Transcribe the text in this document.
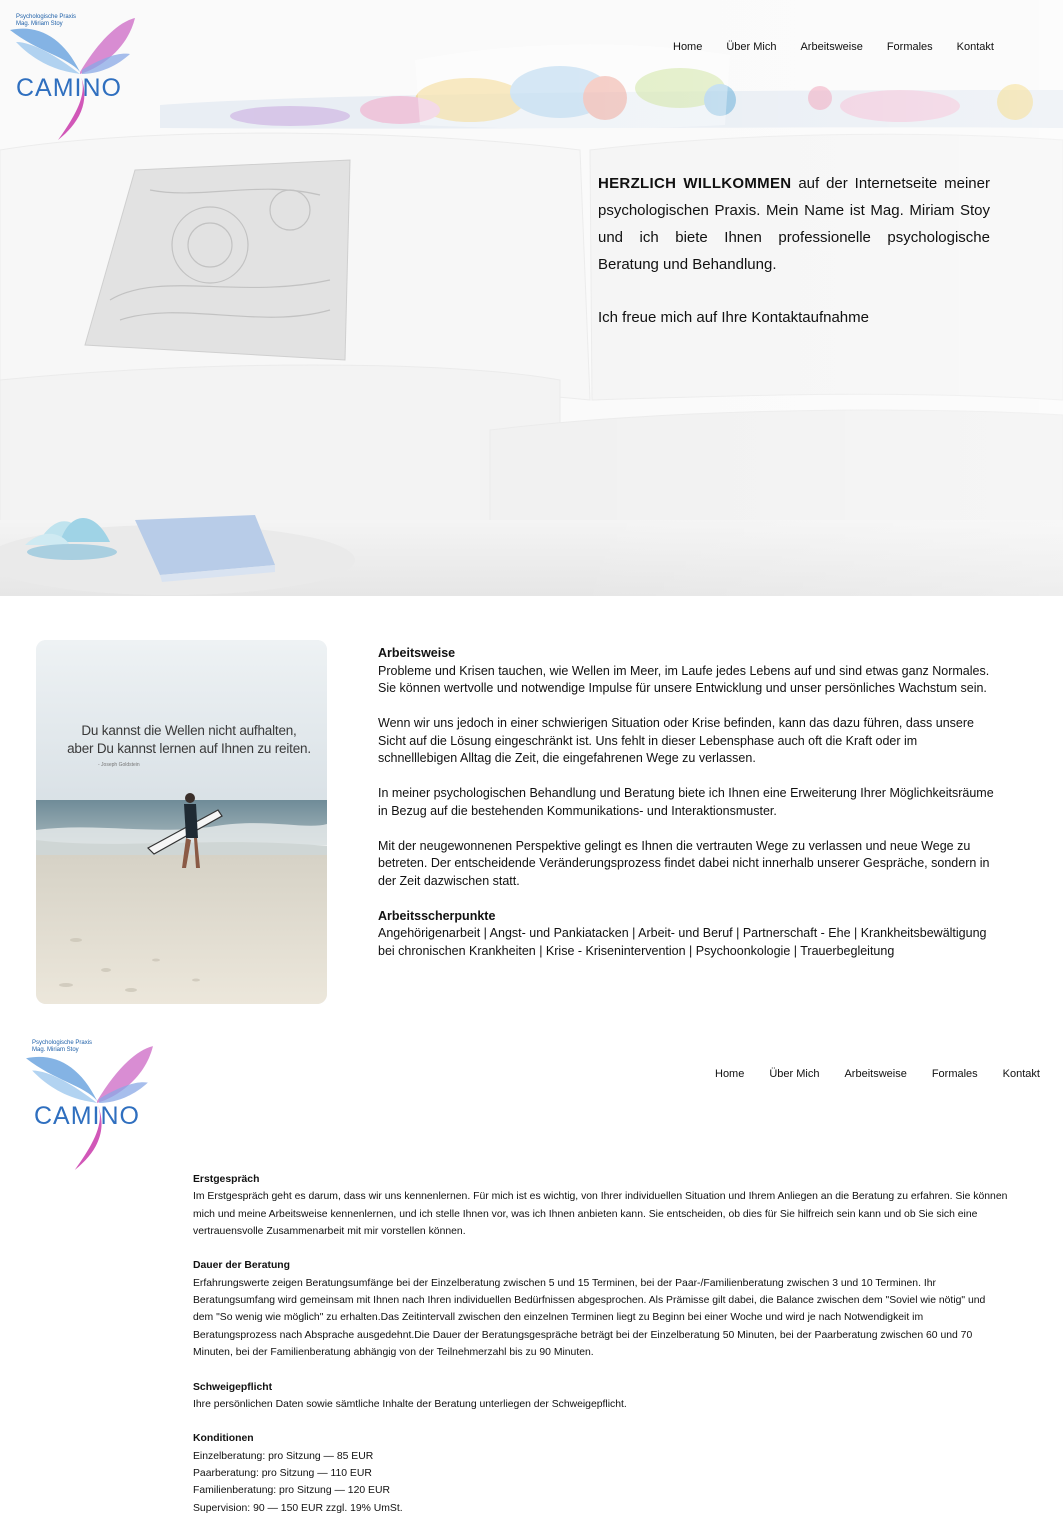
Psychologische Praxis
Mag. Miriam Stoy
CAMINO
Home Über Mich Arbeitsweise Formales Kontakt

HERZLICH WILLKOMMEN auf der Internetseite meiner psychologischen Praxis. Mein Name ist Mag. Miriam Stoy und ich biete Ihnen professionelle psychologische Beratung und Behandlung.

Ich freue mich auf Ihre Kontaktaufnahme

Du kannst die Wellen nicht aufhalten,
aber Du kannst lernen auf Ihnen zu reiten.
- Joseph Goldstein
Arbeitsweise

Probleme und Krisen tauchen, wie Wellen im Meer, im Laufe jedes Lebens auf und sind etwas ganz Normales. Sie können wertvolle und notwendige Impulse für unsere Entwicklung und unser persönliches Wachstum sein.

Wenn wir uns jedoch in einer schwierigen Situation oder Krise befinden, kann das dazu führen, dass unsere Sicht auf die Lösung eingeschränkt ist. Uns fehlt in dieser Lebensphase auch oft die Kraft oder im schnelllebigen Alltag die Zeit, die eingefahrenen Wege zu verlassen.

In meiner psychologischen Behandlung und Beratung biete ich Ihnen eine Erweiterung Ihrer Möglichkeitsräume in Bezug auf die bestehenden Kommunikations- und Interaktionsmuster.

Mit der neugewonnenen Perspektive gelingt es Ihnen die vertrauten Wege zu verlassen und neue Wege zu betreten. Der entscheidende Veränderungsprozess findet dabei nicht innerhalb unserer Gespräche, sondern in der Zeit dazwischen statt.

Arbeitsscherpunkte
Angehörigenarbeit | Angst- und Pankiatacken | Arbeit- und Beruf | Partnerschaft - Ehe | Krankheitsbewältigung bei chronischen Krankheiten | Krise - Krisenintervention | Psychoonkologie | Trauerbegleitung
Psychologische Praxis
Mag. Miriam Stoy
CAMINO
Home Über Mich Arbeitsweise Formales Kontakt
Erstgespräch
Im Erstgespräch geht es darum, dass wir uns kennenlernen. Für mich ist es wichtig, von Ihrer individuellen Situation und Ihrem Anliegen an die Beratung zu erfahren. Sie können mich und meine Arbeitsweise kennenlernen, und ich stelle Ihnen vor, was ich Ihnen anbieten kann. Sie entscheiden, ob dies für Sie hilfreich sein kann und ob Sie sich eine vertrauensvolle Zusammenarbeit mit mir vorstellen können.
Dauer der Beratung
Erfahrungswerte zeigen Beratungsumfänge bei der Einzelberatung zwischen 5 und 15 Terminen, bei der Paar-/Familienberatung zwischen 3 und 10 Terminen. Ihr Beratungsumfang wird gemeinsam mit Ihnen nach Ihren individuellen Bedürfnissen abgesprochen. Als Prämisse gilt dabei, die Balance zwischen dem "Soviel wie nötig" und dem "So wenig wie möglich" zu erhalten.Das Zeitintervall zwischen den einzelnen Terminen liegt zu Beginn bei einer Woche und wird je nach Notwendigkeit im Beratungsprozess nach Absprache ausgedehnt.Die Dauer der Beratungsgespräche beträgt bei der Einzelberatung 50 Minuten, bei der Paarberatung zwischen 60 und 70 Minuten, bei der Familienberatung abhängig von der Teilnehmerzahl bis zu 90 Minuten.
Schweigepflicht
Ihre persönlichen Daten sowie sämtliche Inhalte der Beratung unterliegen der Schweigepflicht.
Konditionen
Einzelberatung: pro Sitzung — 85 EUR
Paarberatung: pro Sitzung — 110 EUR
Familienberatung: pro Sitzung — 120 EUR
Supervision: 90 — 150 EUR zzgl. 19% UmSt.
